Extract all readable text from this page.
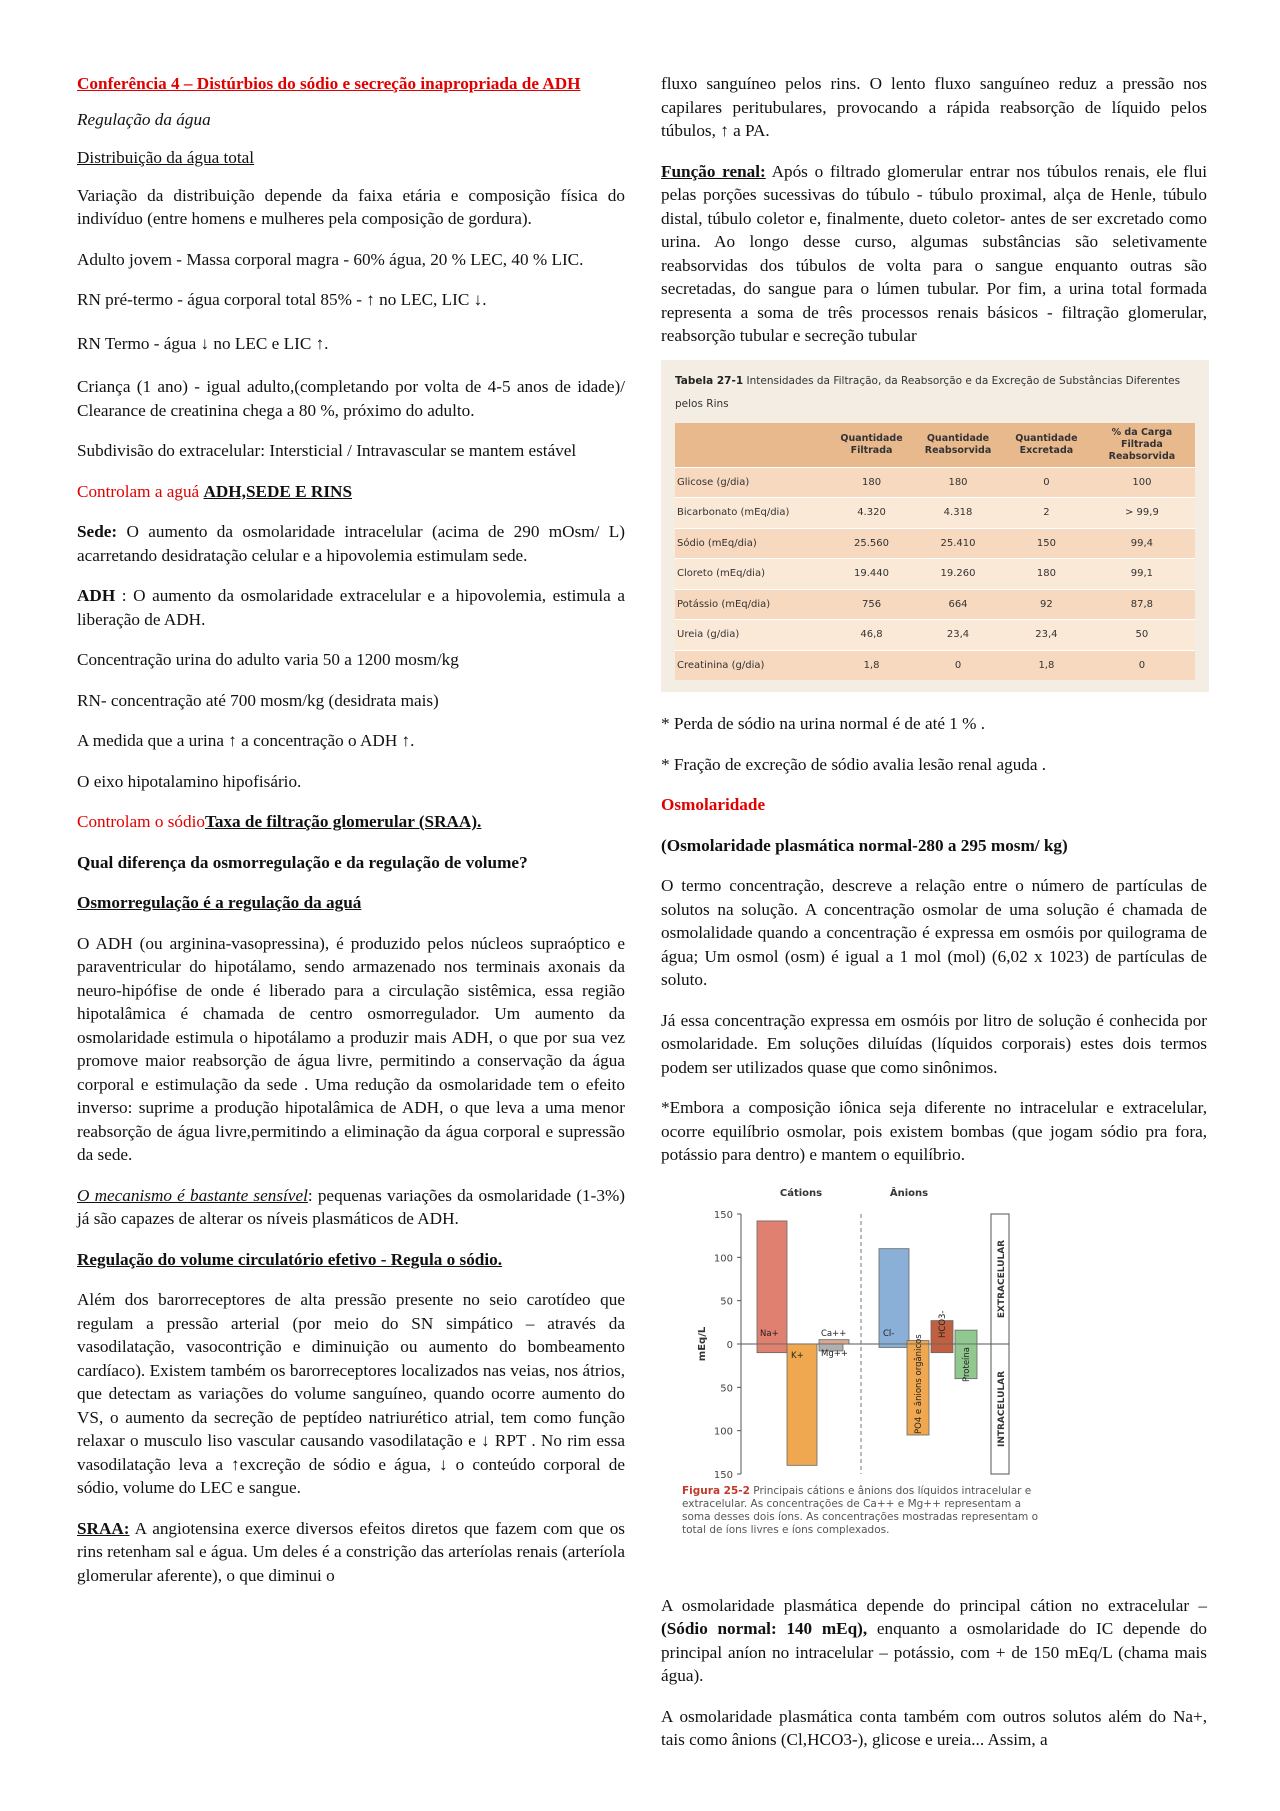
Conferência 4 – Distúrbios do sódio e secreção inapropriada de ADH

Regulação da água

Distribuição da água total

Variação da distribuição depende da faixa etária e composição física do indivíduo (entre homens e mulheres pela composição de gordura).

Adulto jovem - Massa corporal magra - 60% água, 20 % LEC, 40 % LIC.

RN pré-termo - água corporal total 85% - ↑ no LEC, LIC ↓.

RN Termo - água ↓ no LEC e LIC ↑.

Criança (1 ano) - igual adulto,(completando por volta de 4-5 anos de idade)/ Clearance de creatinina chega a 80 %, próximo do adulto.

Subdivisão do extracelular: Intersticial / Intravascular se mantem estável

Controlam a aguá ADH,SEDE E RINS

Sede: O aumento da osmolaridade intracelular (acima de 290 mOsm/ L) acarretando desidratação celular e a hipovolemia estimulam sede.

ADH : O aumento da osmolaridade extracelular e a hipovolemia, estimula a liberação de ADH.

Concentração urina do adulto varia 50 a 1200 mosm/kg

RN- concentração até 700 mosm/kg (desidrata mais)

A medida que a urina ↑ a concentração o ADH ↑.

O eixo hipotalamino hipofisário.

Controlam o sódioTaxa de filtração glomerular (SRAA).

Qual diferença da osmorregulação e da regulação de volume?

Osmorregulação é a regulação da aguá

O ADH (ou arginina-vasopressina), é produzido pelos núcleos supraóptico e paraventricular do hipotálamo, sendo armazenado nos terminais axonais da neuro-hipófise de onde é liberado para a circulação sistêmica, essa região hipotalâmica é chamada de centro osmorregulador. Um aumento da osmolaridade estimula o hipotálamo a produzir mais ADH, o que por sua vez promove maior reabsorção de água livre, permitindo a conservação da água corporal e estimulação da sede . Uma redução da osmolaridade tem o efeito inverso: suprime a produção hipotalâmica de ADH, o que leva a uma menor reabsorção de água livre,permitindo a eliminação da água corporal e supressão da sede.

O mecanismo é bastante sensível: pequenas variações da osmolaridade (1-3%) já são capazes de alterar os níveis plasmáticos de ADH.

Regulação do volume circulatório efetivo - Regula o sódio.

Além dos barorreceptores de alta pressão presente no seio carotídeo que regulam a pressão arterial (por meio do SN simpático – através da vasodilatação, vasocontrição e diminuição ou aumento do bombeamento cardíaco). Existem também os barorreceptores localizados nas veias, nos átrios, que detectam as variações do volume sanguíneo, quando ocorre aumento do VS, o aumento da secreção de peptídeo natriurético atrial, tem como função relaxar o musculo liso vascular causando vasodilatação e ↓ RPT . No rim essa vasodilatação leva a ↑excreção de sódio e água, ↓ o conteúdo corporal de sódio, volume do LEC e sangue.

SRAA: A angiotensina exerce diversos efeitos diretos que fazem com que os rins retenham sal e água. Um deles é a constrição das arteríolas renais (arteríola glomerular aferente), o que diminui o

fluxo sanguíneo pelos rins. O lento fluxo sanguíneo reduz a pressão nos capilares peritubulares, provocando a rápida reabsorção de líquido pelos túbulos, ↑ a PA.

Função renal: Após o filtrado glomerular entrar nos túbulos renais, ele flui pelas porções sucessivas do túbulo - túbulo proximal, alça de Henle, túbulo distal, túbulo coletor e, finalmente, dueto coletor- antes de ser excretado como urina. Ao longo desse curso, algumas substâncias são seletivamente reabsorvidas dos túbulos de volta para o sangue enquanto outras são secretadas, do sangue para o lúmen tubular. Por fim, a urina total formada representa a soma de três processos renais básicos - filtração glomerular, reabsorção tubular e secreção tubular

Tabela 27-1 Intensidades da Filtração, da Reabsorção e da Excreção de Substâncias Diferentes pelos Rins
	Quantidade Filtrada	Quantidade Reabsorvida	Quantidade Excretada	% da Carga Filtrada Reabsorvida
Glicose (g/dia)	180	180	0	100
Bicarbonato (mEq/dia)	4.320	4.318	2	> 99,9
Sódio (mEq/dia)	25.560	25.410	150	99,4
Cloreto (mEq/dia)	19.440	19.260	180	99,1
Potássio (mEq/dia)	756	664	92	87,8
Ureia (g/dia)	46,8	23,4	23,4	50
Creatinina (g/dia)	1,8	0	1,8	0

* Perda de sódio na urina normal é de até 1 % .

* Fração de excreção de sódio avalia lesão renal aguda .

Osmolaridade

(Osmolaridade plasmática normal-280 a 295 mosm/ kg)

O termo concentração, descreve a relação entre o número de partículas de solutos na solução. A concentração osmolar de uma solução é chamada de osmolalidade quando a concentração é expressa em osmóis por quilograma de água; Um osmol (osm) é igual a 1 mol (mol) (6,02 x 1023) de partículas de soluto.

Já essa concentração expressa em osmóis por litro de solução é conhecida por osmolaridade. Em soluções diluídas (líquidos corporais) estes dois termos podem ser utilizados quase que como sinônimos.

*Embora a composição iônica seja diferente no intracelular e extracelular, ocorre equilíbrio osmolar, pois existem bombas (que jogam sódio pra fora, potássio para dentro) e mantem o equilíbrio.

150
100
50
0
50
100
150
mEq/L
Cátions	Ânions
EXTRACELULAR
INTRACELULAR
Na+
K+
Ca++
Mg++
Cl-
PO4 e ânions orgânicos
HCO3-
Proteína
Figura 25-2 Principais cátions e ânions dos líquidos intracelular e extracelular. As concentrações de Ca++ e Mg++ representam a soma desses dois íons. As concentrações mostradas representam o total de íons livres e íons complexados.

A osmolaridade plasmática depende do principal cátion no extracelular – (Sódio normal: 140 mEq), enquanto a osmolaridade do IC depende do principal aníon no intracelular – potássio, com + de 150 mEq/L (chama mais água).

A osmolaridade plasmática conta também com outros solutos além do Na+, tais como ânions (Cl,HCO3-), glicose e ureia... Assim, a
